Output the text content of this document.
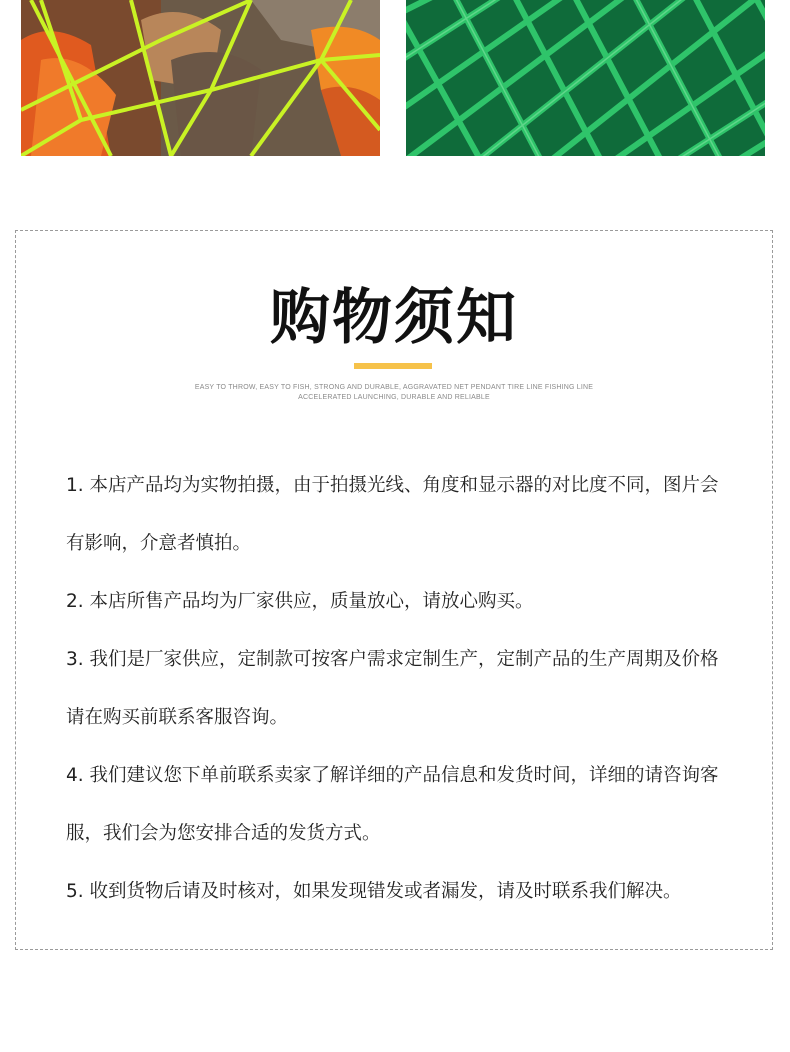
购物须知
EASY TO THROW, EASY TO FISH, STRONG AND DURABLE, AGGRAVATED NET PENDANT TIRE LINE FISHING LINE
ACCELERATED LAUNCHING, DURABLE AND RELIABLE
1. 本店产品均为实物拍摄，由于拍摄光线、角度和显示器的对比度不同，图片会有影响，介意者慎拍。
2. 本店所售产品均为厂家供应，质量放心，请放心购买。
3. 我们是厂家供应，定制款可按客户需求定制生产，定制产品的生产周期及价格请在购买前联系客服咨询。
4. 我们建议您下单前联系卖家了解详细的产品信息和发货时间，详细的请咨询客服，我们会为您安排合适的发货方式。
5. 收到货物后请及时核对，如果发现错发或者漏发，请及时联系我们解决。
